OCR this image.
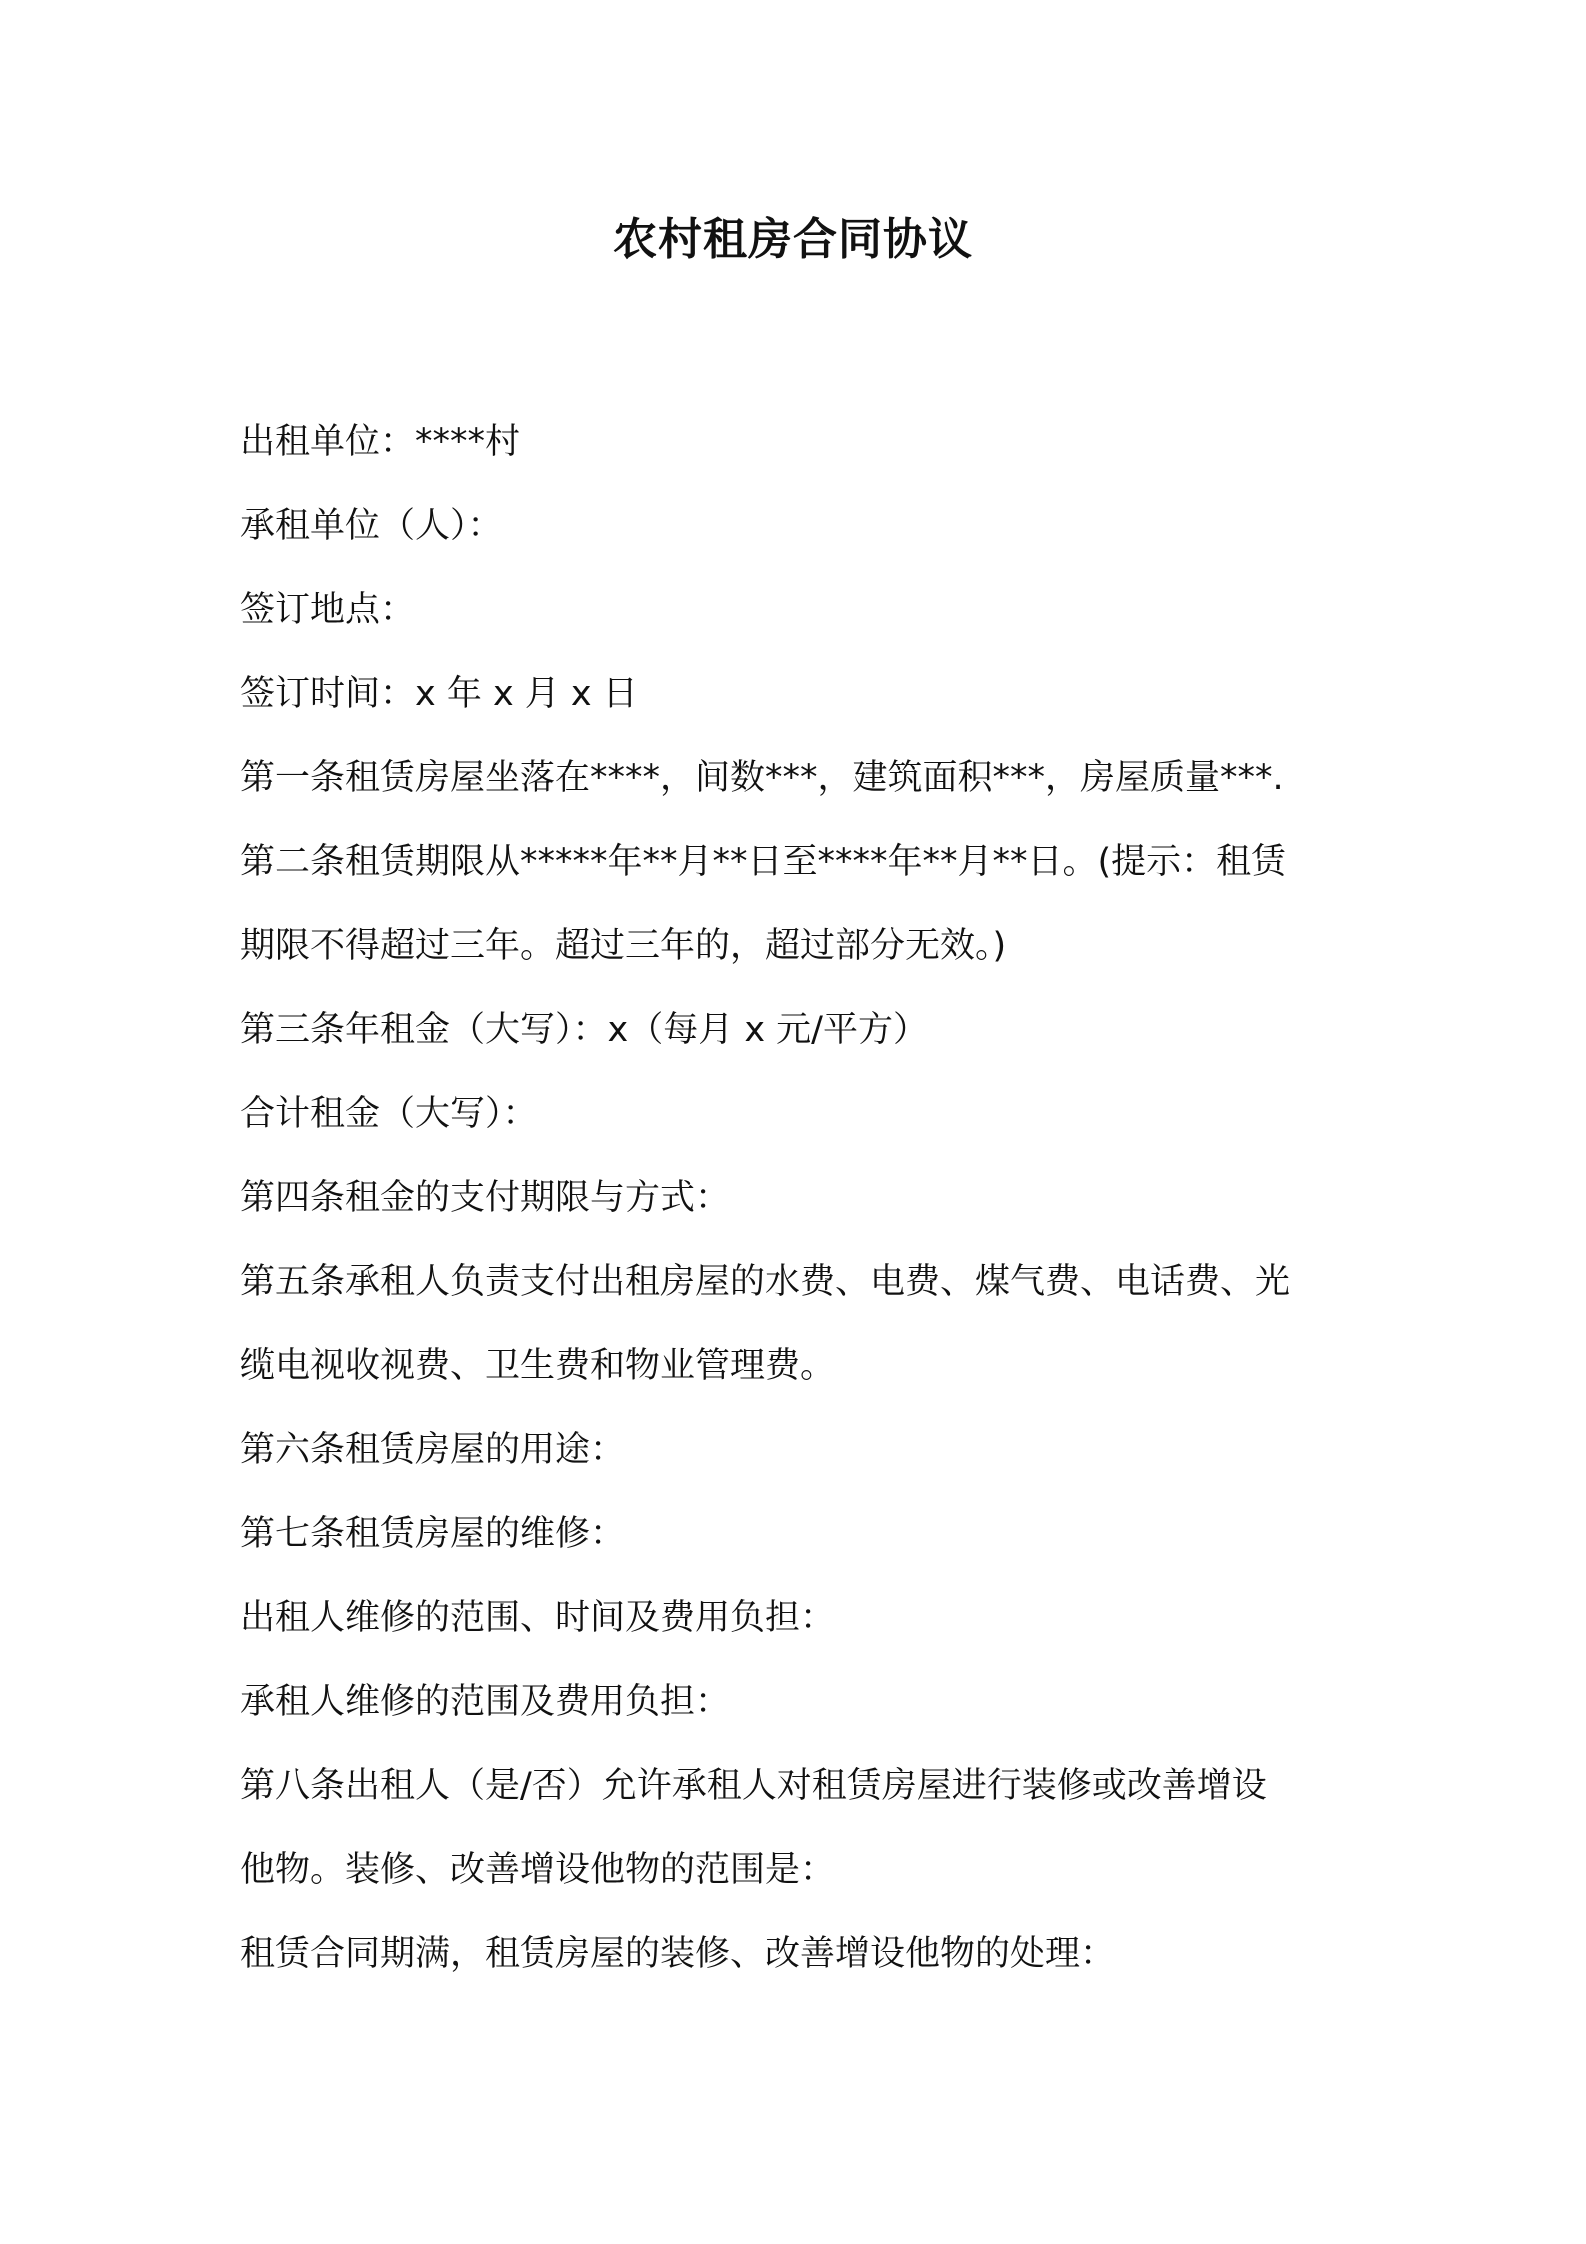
农村租房合同协议
出租单位：****村
承租单位（人）：
签订地点：
签订时间：x 年 x 月 x 日
第一条租赁房屋坐落在****，间数***，建筑面积***，房屋质量***.
第二条租赁期限从*****年**月**日至****年**月**日。(提示：租赁
期限不得超过三年。超过三年的，超过部分无效。)
第三条年租金（大写）：x（每月 x 元/平方）
合计租金（大写）：
第四条租金的支付期限与方式：
第五条承租人负责支付出租房屋的水费、电费、煤气费、电话费、光
缆电视收视费、卫生费和物业管理费。
第六条租赁房屋的用途：
第七条租赁房屋的维修：
出租人维修的范围、时间及费用负担：
承租人维修的范围及费用负担：
第八条出租人（是/否）允许承租人对租赁房屋进行装修或改善增设
他物。装修、改善增设他物的范围是：
租赁合同期满，租赁房屋的装修、改善增设他物的处理：
